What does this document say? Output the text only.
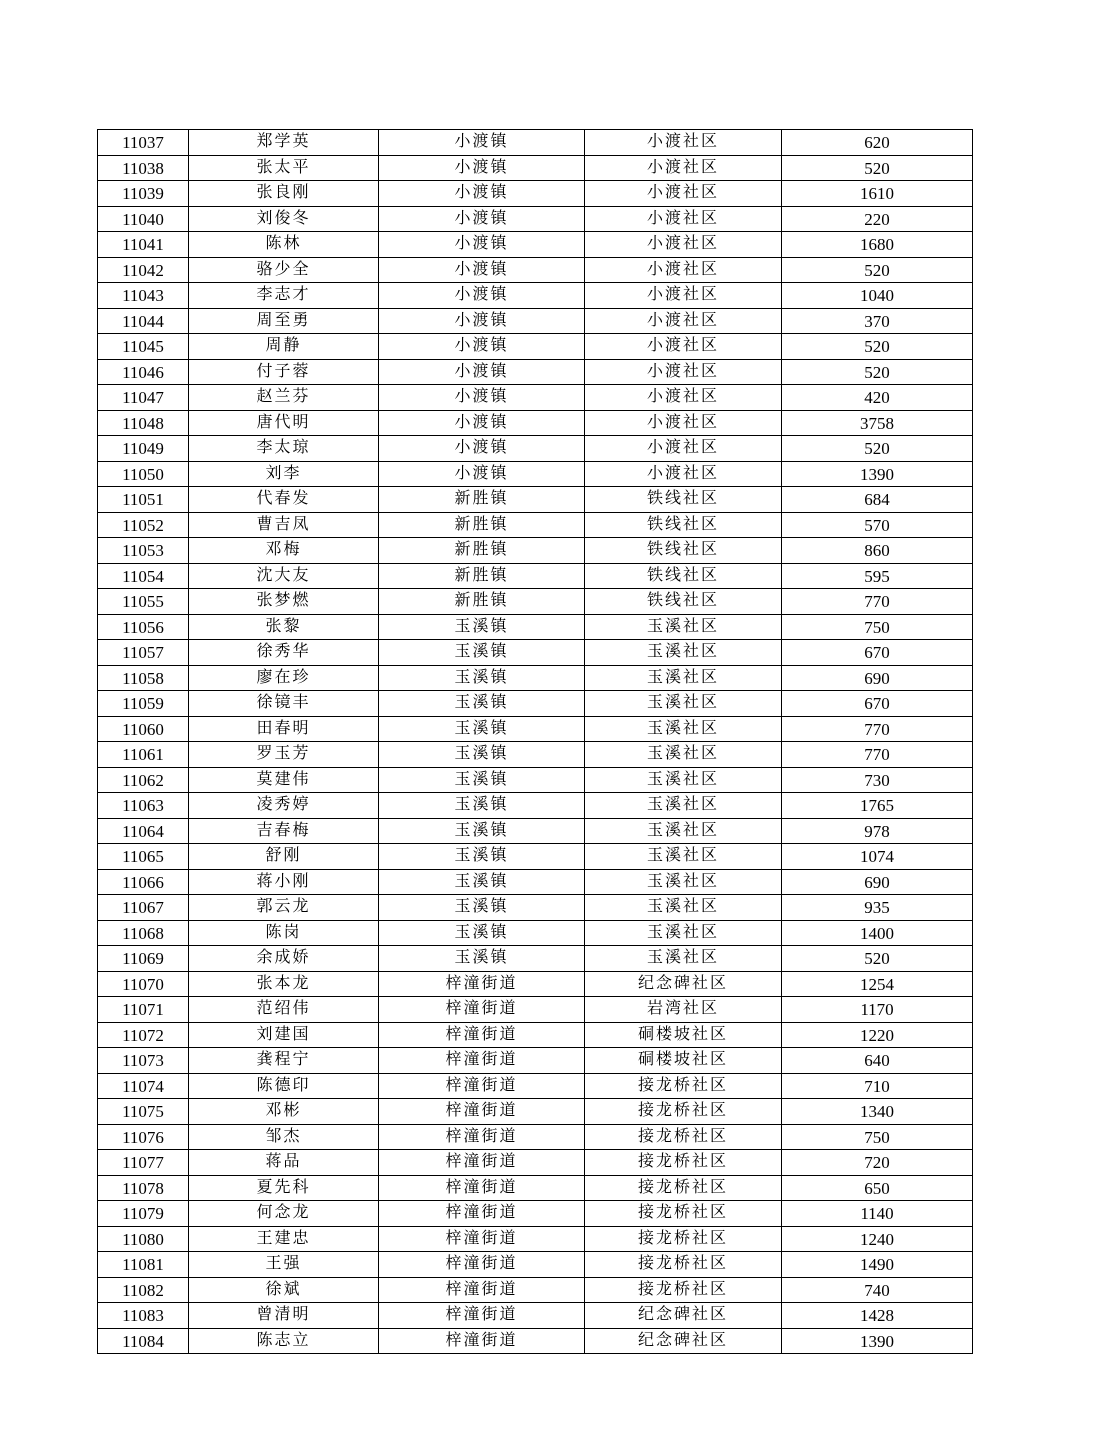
11037	郑学英	小渡镇	小渡社区	620
11038	张太平	小渡镇	小渡社区	520
11039	张良刚	小渡镇	小渡社区	1610
11040	刘俊冬	小渡镇	小渡社区	220
11041	陈林	小渡镇	小渡社区	1680
11042	骆少全	小渡镇	小渡社区	520
11043	李志才	小渡镇	小渡社区	1040
11044	周至勇	小渡镇	小渡社区	370
11045	周静	小渡镇	小渡社区	520
11046	付子蓉	小渡镇	小渡社区	520
11047	赵兰芬	小渡镇	小渡社区	420
11048	唐代明	小渡镇	小渡社区	3758
11049	李太琼	小渡镇	小渡社区	520
11050	刘李	小渡镇	小渡社区	1390
11051	代春发	新胜镇	铁线社区	684
11052	曹吉凤	新胜镇	铁线社区	570
11053	邓梅	新胜镇	铁线社区	860
11054	沈大友	新胜镇	铁线社区	595
11055	张梦燃	新胜镇	铁线社区	770
11056	张黎	玉溪镇	玉溪社区	750
11057	徐秀华	玉溪镇	玉溪社区	670
11058	廖在珍	玉溪镇	玉溪社区	690
11059	徐镜丰	玉溪镇	玉溪社区	670
11060	田春明	玉溪镇	玉溪社区	770
11061	罗玉芳	玉溪镇	玉溪社区	770
11062	莫建伟	玉溪镇	玉溪社区	730
11063	凌秀婷	玉溪镇	玉溪社区	1765
11064	吉春梅	玉溪镇	玉溪社区	978
11065	舒刚	玉溪镇	玉溪社区	1074
11066	蒋小刚	玉溪镇	玉溪社区	690
11067	郭云龙	玉溪镇	玉溪社区	935
11068	陈岗	玉溪镇	玉溪社区	1400
11069	余成娇	玉溪镇	玉溪社区	520
11070	张本龙	梓潼街道	纪念碑社区	1254
11071	范绍伟	梓潼街道	岩湾社区	1170
11072	刘建国	梓潼街道	硐楼坡社区	1220
11073	龚程宁	梓潼街道	硐楼坡社区	640
11074	陈德印	梓潼街道	接龙桥社区	710
11075	邓彬	梓潼街道	接龙桥社区	1340
11076	邹杰	梓潼街道	接龙桥社区	750
11077	蒋品	梓潼街道	接龙桥社区	720
11078	夏先科	梓潼街道	接龙桥社区	650
11079	何念龙	梓潼街道	接龙桥社区	1140
11080	王建忠	梓潼街道	接龙桥社区	1240
11081	王强	梓潼街道	接龙桥社区	1490
11082	徐斌	梓潼街道	接龙桥社区	740
11083	曾清明	梓潼街道	纪念碑社区	1428
11084	陈志立	梓潼街道	纪念碑社区	1390
